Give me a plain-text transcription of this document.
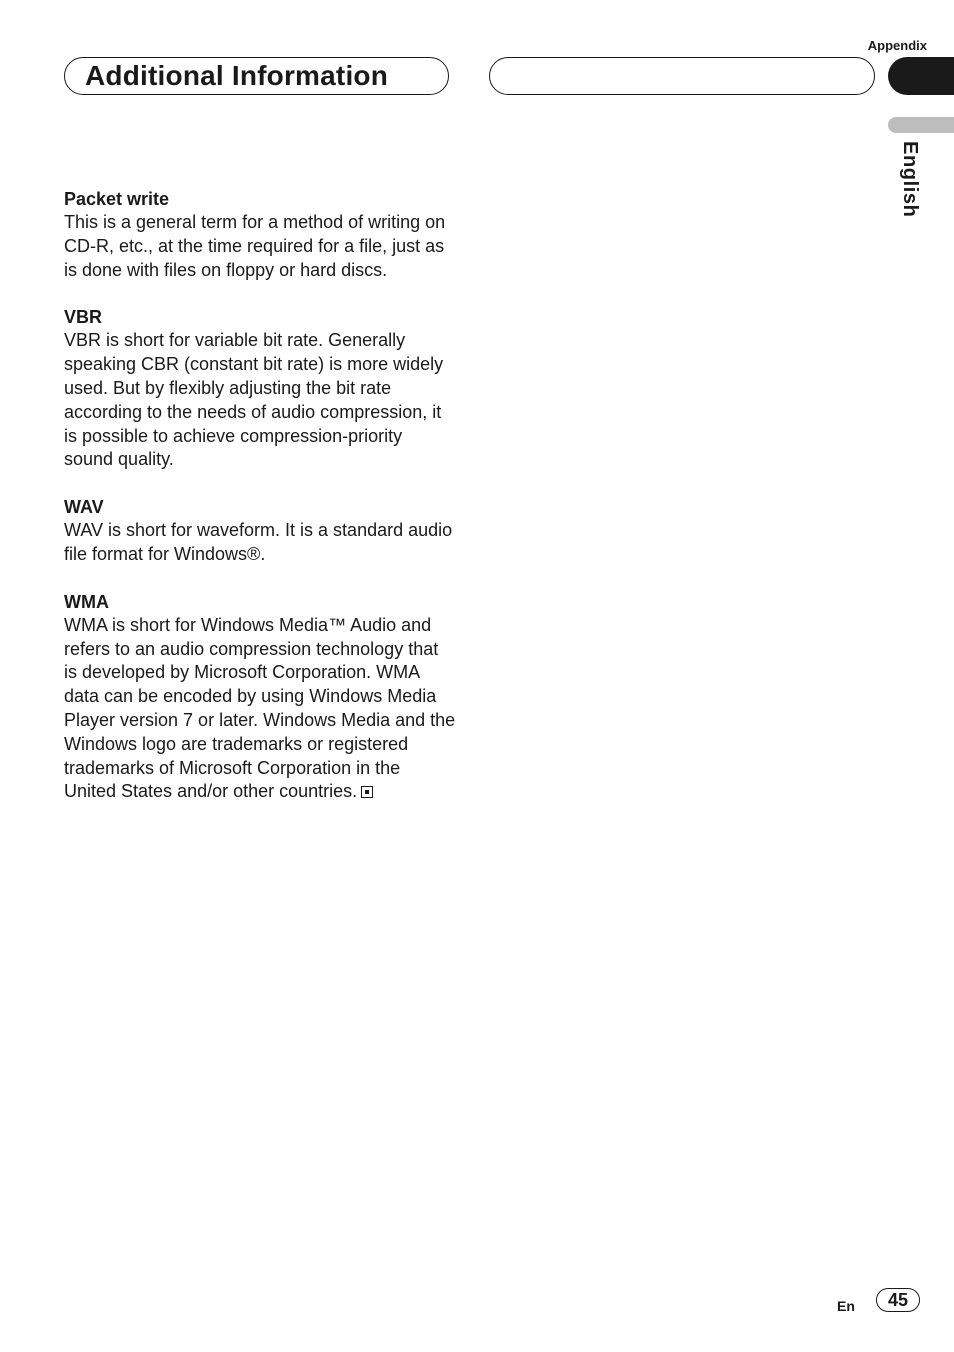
Appendix
Additional Information
English
Packet write

This is a general term for a method of writing on CD-R, etc., at the time required for a file, just as is done with files on floppy or hard discs.

VBR

VBR is short for variable bit rate. Generally speaking CBR (constant bit rate) is more widely used. But by flexibly adjusting the bit rate according to the needs of audio compression, it is possible to achieve compression-priority sound quality.

WAV

WAV is short for waveform. It is a standard audio file format for Windows®.

WMA

WMA is short for Windows Media™ Audio and refers to an audio compression technology that is developed by Microsoft Corporation. WMA data can be encoded by using Windows Media Player version 7 or later. Windows Media and the Windows logo are trademarks or registered trademarks of Microsoft Corporation in the United States and/or other countries.

En	45
